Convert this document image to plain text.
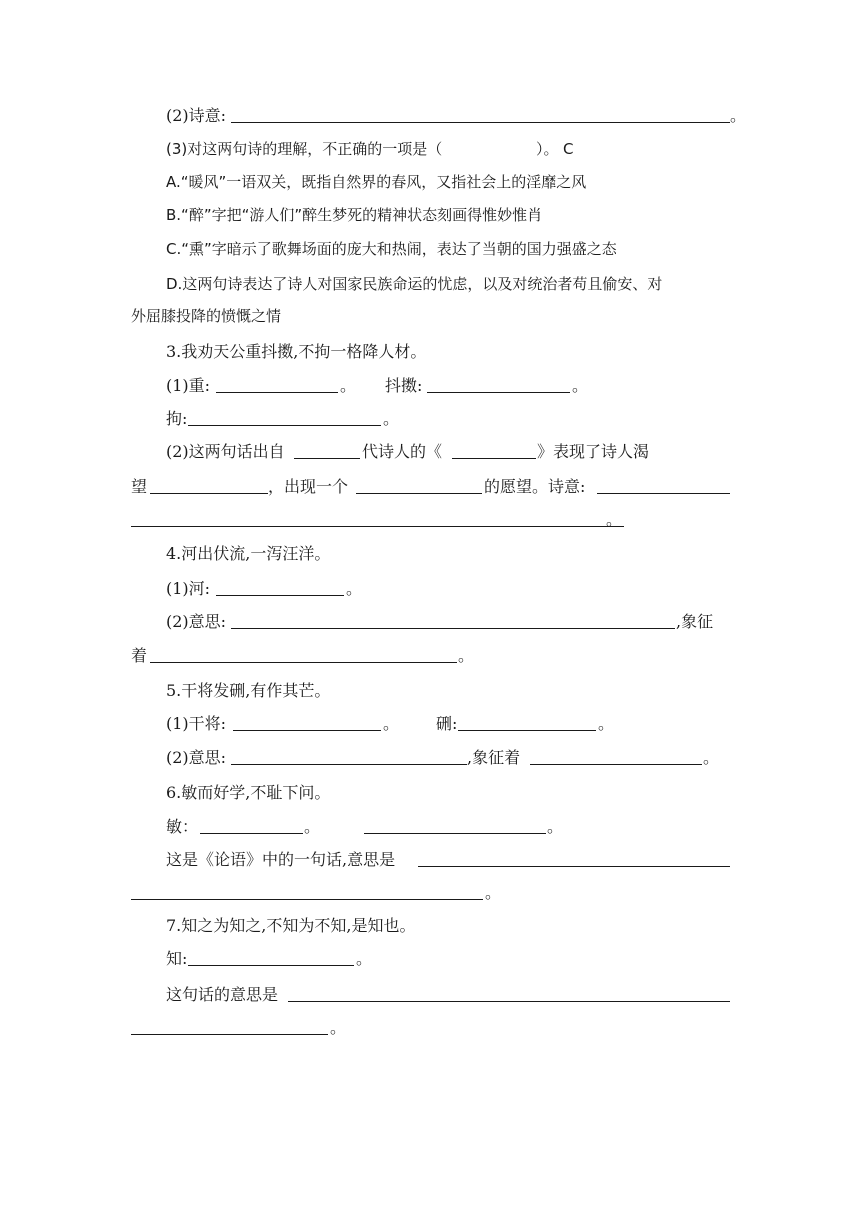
(2)诗意:	。
(3)对这两句诗的理解，不正确的一项是（	）。 C
A.“暖风”一语双关，既指自然界的春风，又指社会上的淫靡之风
B.“醉”字把“游人们”醉生梦死的精神状态刻画得惟妙惟肖
C.“熏”字暗示了歌舞场面的庞大和热闹，表达了当朝的国力强盛之态
D.这两句诗表达了诗人对国家民族命运的忧虑，以及对统治者苟且偷安、对
外屈膝投降的愤慨之情
3.我劝天公重抖擞,不拘一格降人材。
(1)重:	。 抖擞:	。
拘:	。
(2)这两句话出自	代诗人的《	》表现了诗人渴
望	，出现一个	的愿望。诗意:
。
4.河出伏流,一泻汪洋。
(1)河:	。
(2)意思:	,象征
着	。
5.干将发硎,有作其芒。
(1)干将:	。 硎:	。
(2)意思:	,象征着	。
6.敏而好学,不耻下问。
敏：	。	。
这是《论语》中的一句话,意思是
。
7.知之为知之,不知为不知,是知也。
知:	。
这句话的意思是
。
